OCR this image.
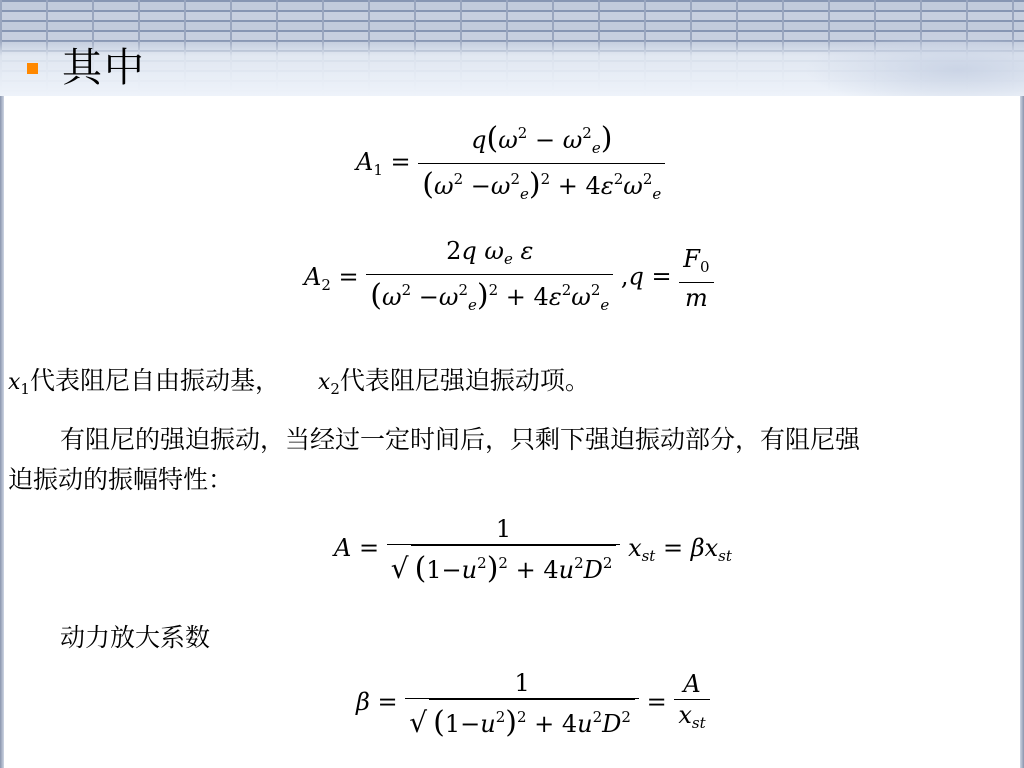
其中
$A_1 = \frac{q(\omega^2 - \omega^2_e)}{(\omega^2 -\omega^2_e)^2 + 4\varepsilon^2\omega^2_e}$
$A_2 = \frac{2q \omega_e \varepsilon}{(\omega^2 -\omega^2_e)^2 + 4\varepsilon^2\omega^2_e} ,q = \frac{F_0}{m}$
$x_1$代表阻尼自由振动基， $x_2$代表阻尼强迫振动项。
有阻尼的强迫振动，当经过一定时间后，只剩下强迫振动部分，有阻尼强
迫振动的振幅特性：
$A = \frac{1}{√ (1-u^2)^2 + 4u^2D^2} x_{st} = \beta x_{st}$
动力放大系数
$\beta = \frac{1}{√ (1-u^2)^2 + 4u^2D^2} = \frac{A}{x_{st}}$
